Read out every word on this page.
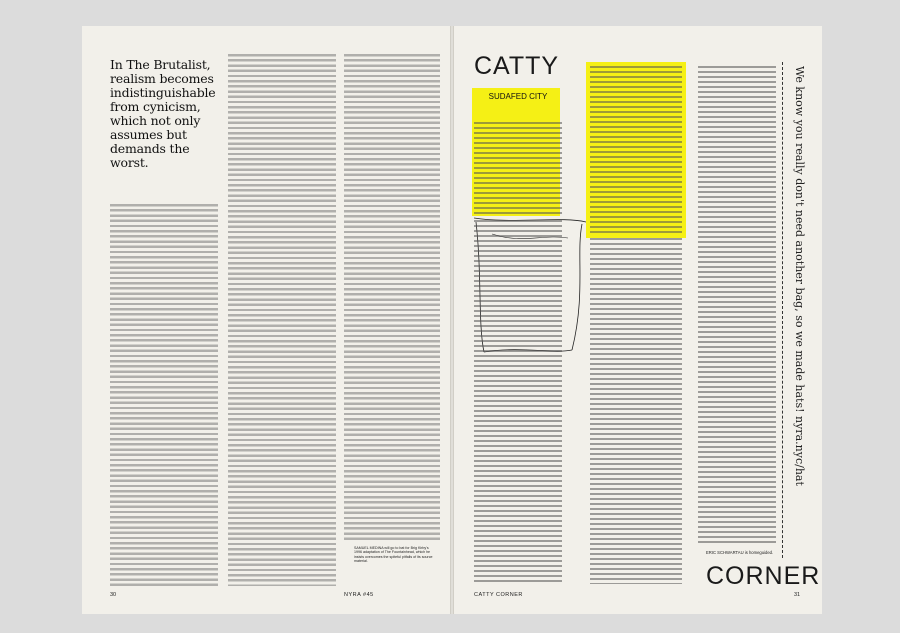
In The Brutalist, realism becomes indistinguishable from cynicism, which not only assumes but demands the worst.
SAMUEL MEDINA will go to bat for Brig Kirby's 1996 adaptation of The Fountainhead, which he insists overcomes the spiteful pitfalls of its source material.
30	NYRA #45
CATTY
SUDAFED CITY	We know you really don't need another bag, so we made hats! nyra.nyc/hat
ERIC SCHWARTAU is homeguided.
CORNER
CATTY CORNER	31
